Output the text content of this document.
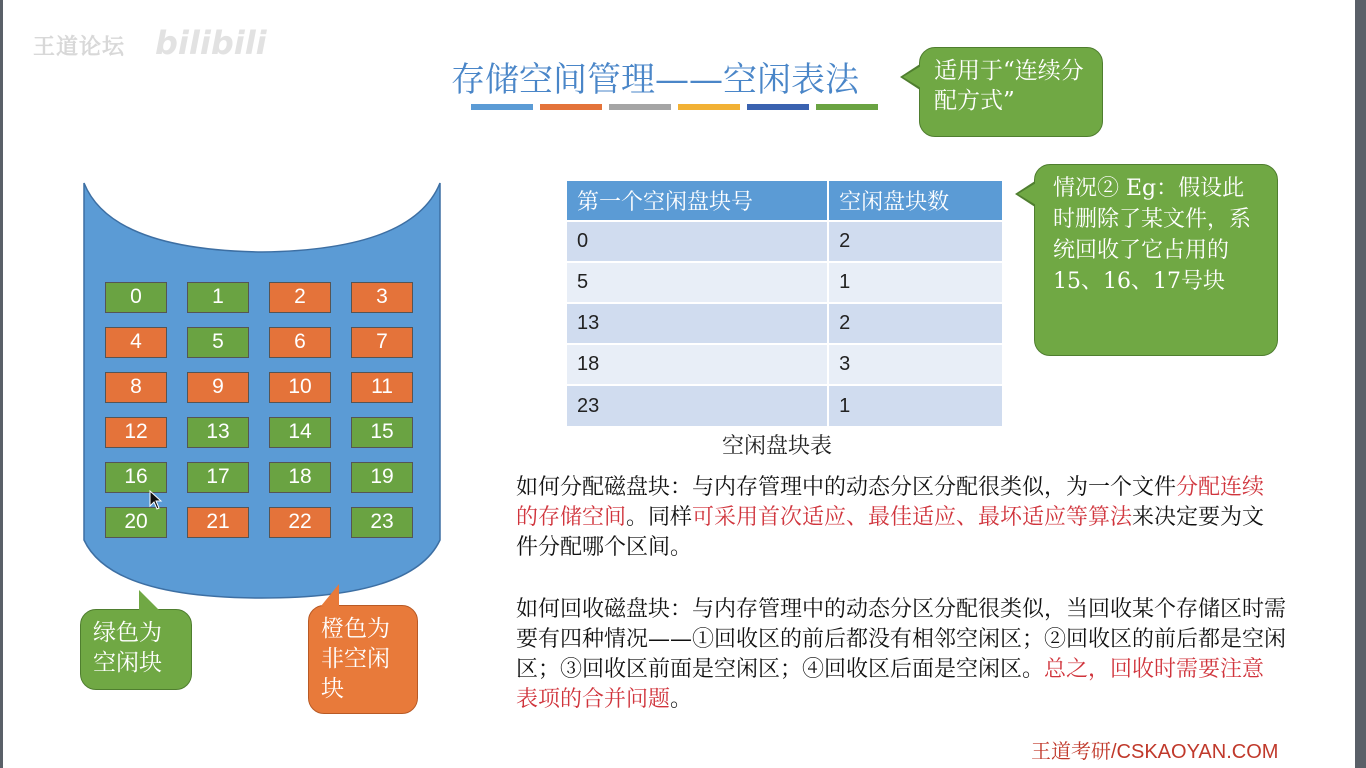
王道论坛 bilibili
存储空间管理——空闲表法	适用于“连续分配方式”
0	1	2	3
4	5	6	7
8	9	10	11
12	13	14	15
16	17	18	19
20	21	22	23
绿色为空闲块
橙色为非空闲块
第一个空闲盘块号	空闲盘块数
0	2
5	1
13	2
18	3
23	1
空闲盘块表
情况② Eg：假设此时删除了某文件，系统回收了它占用的 15、16、17号块
如何分配磁盘块：与内存管理中的动态分区分配很类似，为一个文件分配连续的存储空间。同样可采用首次适应、最佳适应、最坏适应等算法来决定要为文件分配哪个区间。
如何回收磁盘块：与内存管理中的动态分区分配很类似，当回收某个存储区时需要有四种情况——①回收区的前后都没有相邻空闲区；②回收区的前后都是空闲区；③回收区前面是空闲区；④回收区后面是空闲区。总之，回收时需要注意表项的合并问题。
王道考研/CSKAOYAN.COM
